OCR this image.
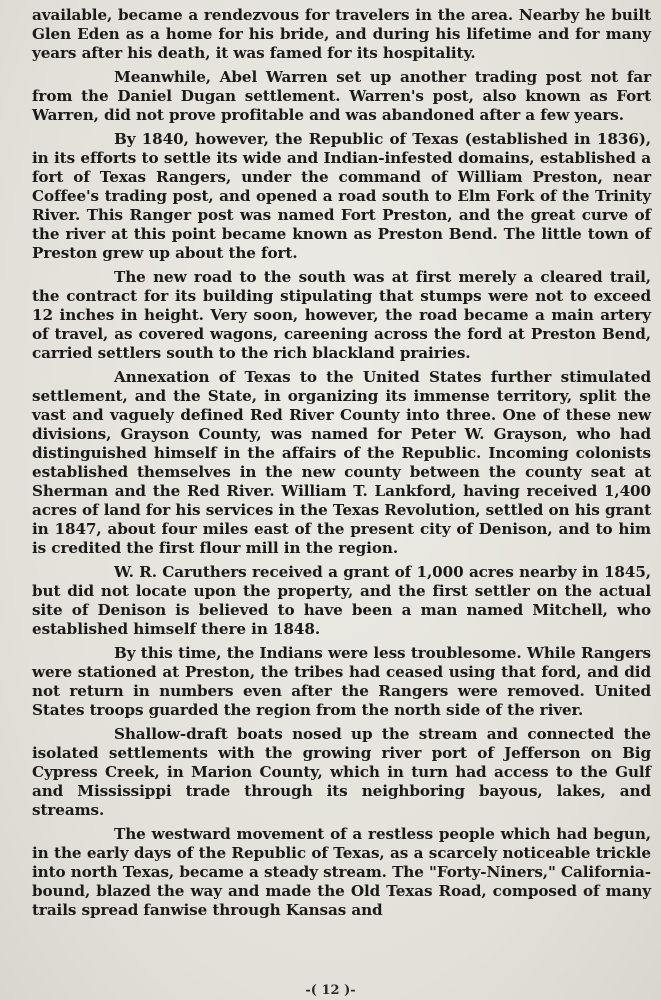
available, became a rendezvous for travelers in the area. Nearby he built Glen Eden as a home for his bride, and during his lifetime and for many years after his death, it was famed for its hospitality.

Meanwhile, Abel Warren set up another trading post not far from the Daniel Dugan settlement. Warren's post, also known as Fort Warren, did not prove profitable and was abandoned after a few years.

By 1840, however, the Republic of Texas (established in 1836), in its efforts to settle its wide and Indian-infested domains, established a fort of Texas Rangers, under the command of William Preston, near Coffee's trading post, and opened a road south to Elm Fork of the Trinity River. This Ranger post was named Fort Preston, and the great curve of the river at this point became known as Preston Bend. The little town of Preston grew up about the fort.

The new road to the south was at first merely a cleared trail, the contract for its building stipulating that stumps were not to exceed 12 inches in height. Very soon, however, the road became a main artery of travel, as covered wagons, careening across the ford at Preston Bend, carried settlers south to the rich blackland prairies.

Annexation of Texas to the United States further stimulated settlement, and the State, in organizing its immense territory, split the vast and vaguely defined Red River County into three. One of these new divisions, Grayson County, was named for Peter W. Grayson, who had distinguished himself in the affairs of the Republic. Incoming colonists established themselves in the new county between the county seat at Sherman and the Red River. William T. Lankford, having received 1,400 acres of land for his services in the Texas Revolution, settled on his grant in 1847, about four miles east of the present city of Denison, and to him is credited the first flour mill in the region.

W. R. Caruthers received a grant of 1,000 acres nearby in 1845, but did not locate upon the property, and the first settler on the actual site of Denison is believed to have been a man named Mitchell, who established himself there in 1848.

By this time, the Indians were less troublesome. While Rangers were stationed at Preston, the tribes had ceased using that ford, and did not return in numbers even after the Rangers were removed. United States troops guarded the region from the north side of the river.

Shallow-draft boats nosed up the stream and connected the isolated settlements with the growing river port of Jefferson on Big Cypress Creek, in Marion County, which in turn had access to the Gulf and Mississippi trade through its neighboring bayous, lakes, and streams.

The westward movement of a restless people which had begun, in the early days of the Republic of Texas, as a scarcely noticeable trickle into north Texas, became a steady stream. The "Forty-Niners," California-bound, blazed the way and made the Old Texas Road, composed of many trails spread fanwise through Kansas and

-( 12 )-
